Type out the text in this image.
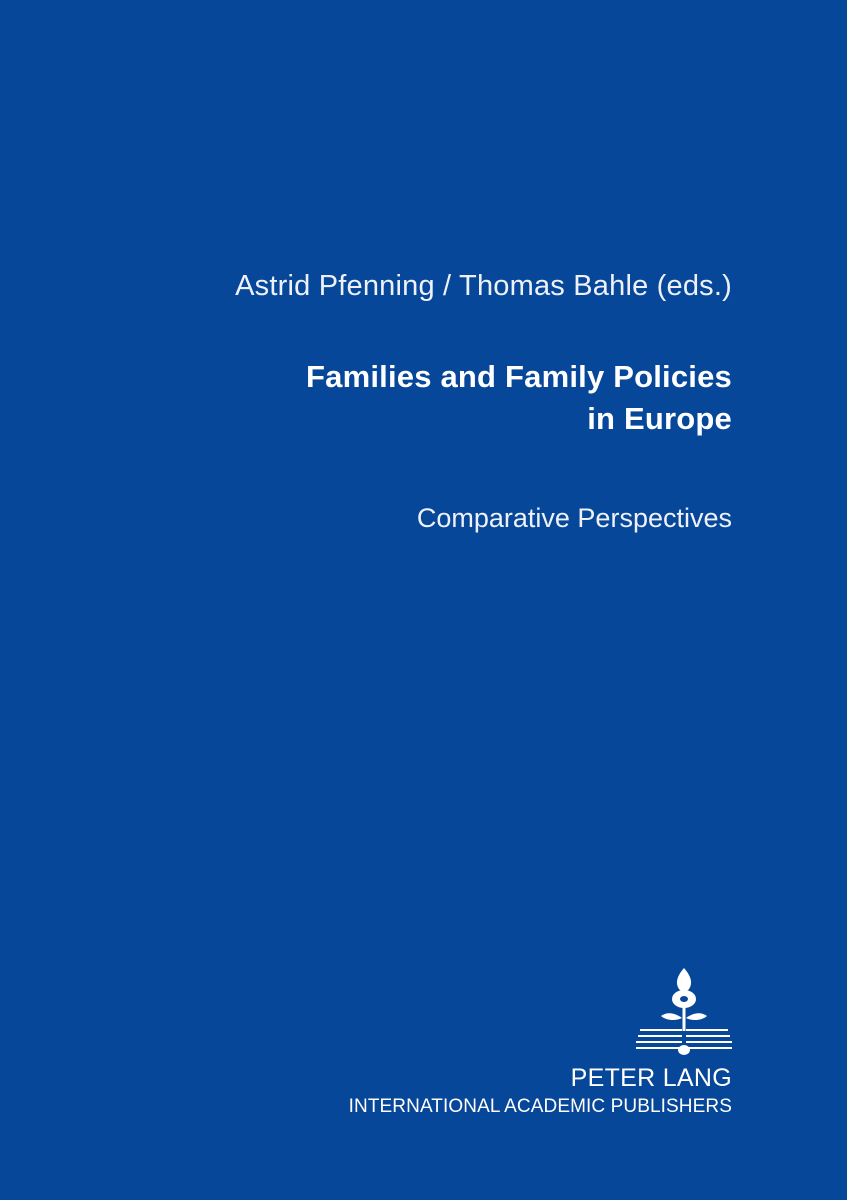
Astrid Pfenning / Thomas Bahle (eds.)
Families and Family Policies
in Europe
Comparative Perspectives
PETER LANG
INTERNATIONAL ACADEMIC PUBLISHERS
